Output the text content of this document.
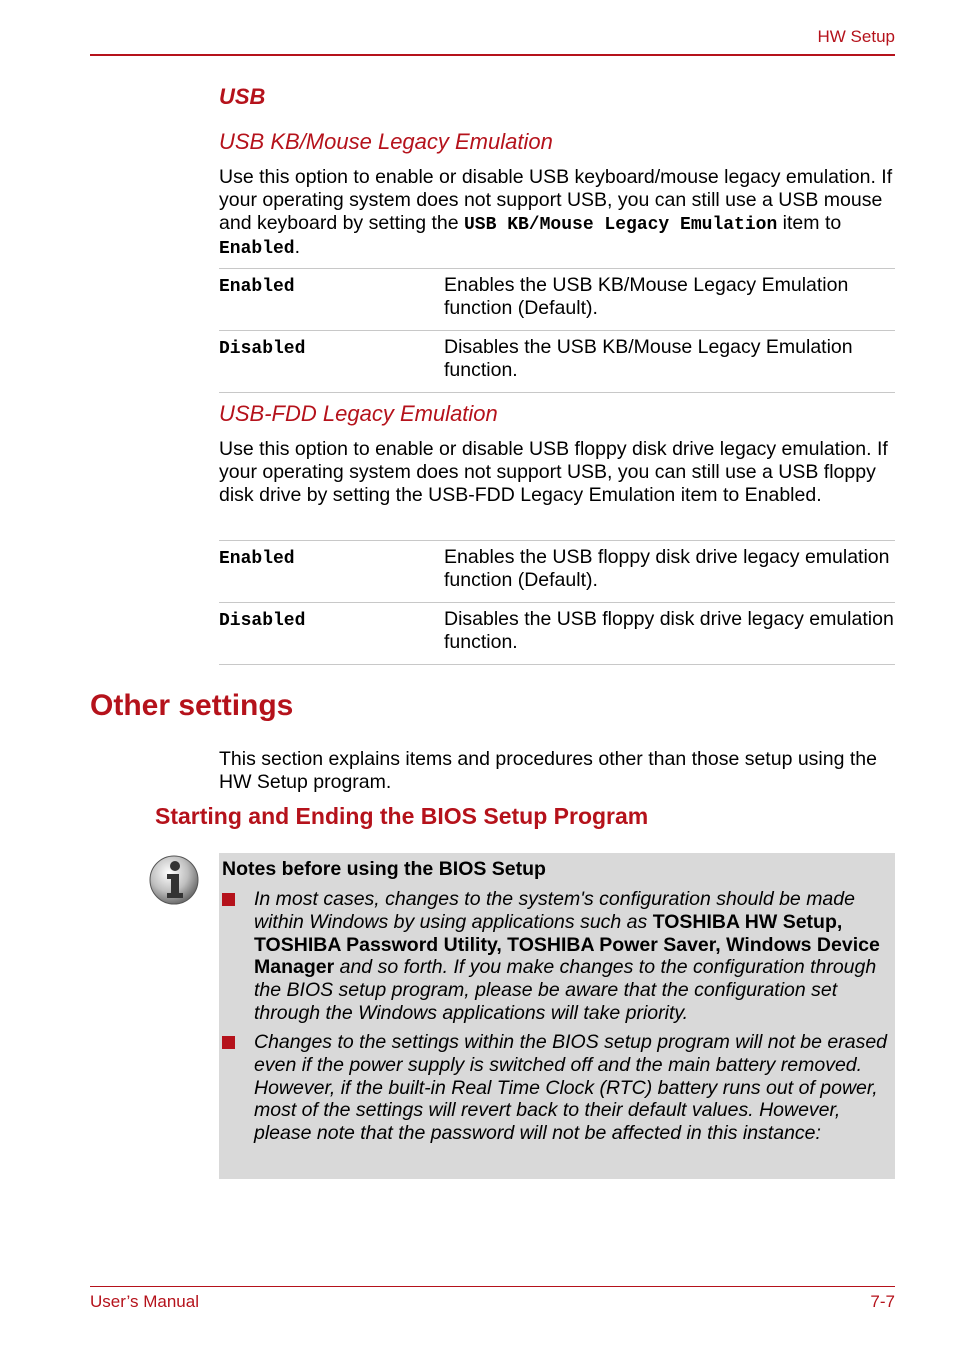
HW Setup
USB
USB KB/Mouse Legacy Emulation
Use this option to enable or disable USB keyboard/mouse legacy emulation. If your operating system does not support USB, you can still use a USB mouse and keyboard by setting the USB KB/Mouse Legacy Emulation item to Enabled.
Enabled	Enables the USB KB/Mouse Legacy Emulation function (Default).
Disabled	Disables the USB KB/Mouse Legacy Emulation function.
USB-FDD Legacy Emulation
Use this option to enable or disable USB floppy disk drive legacy emulation. If your operating system does not support USB, you can still use a USB floppy disk drive by setting the USB-FDD Legacy Emulation item to Enabled.
Enabled	Enables the USB floppy disk drive legacy emulation function (Default).
Disabled	Disables the USB floppy disk drive legacy emulation function.
Other settings
This section explains items and procedures other than those setup using the HW Setup program.
Starting and Ending the BIOS Setup Program
Notes before using the BIOS Setup
In most cases, changes to the system's configuration should be made within Windows by using applications such as TOSHIBA HW Setup, TOSHIBA Password Utility, TOSHIBA Power Saver, Windows Device Manager and so forth. If you make changes to the configuration through the BIOS setup program, please be aware that the configuration set through the Windows applications will take priority.
Changes to the settings within the BIOS setup program will not be erased even if the power supply is switched off and the main battery removed. However, if the built-in Real Time Clock (RTC) battery runs out of power, most of the settings will revert back to their default values. However, please note that the password will not be affected in this instance:
User’s Manual	7-7
